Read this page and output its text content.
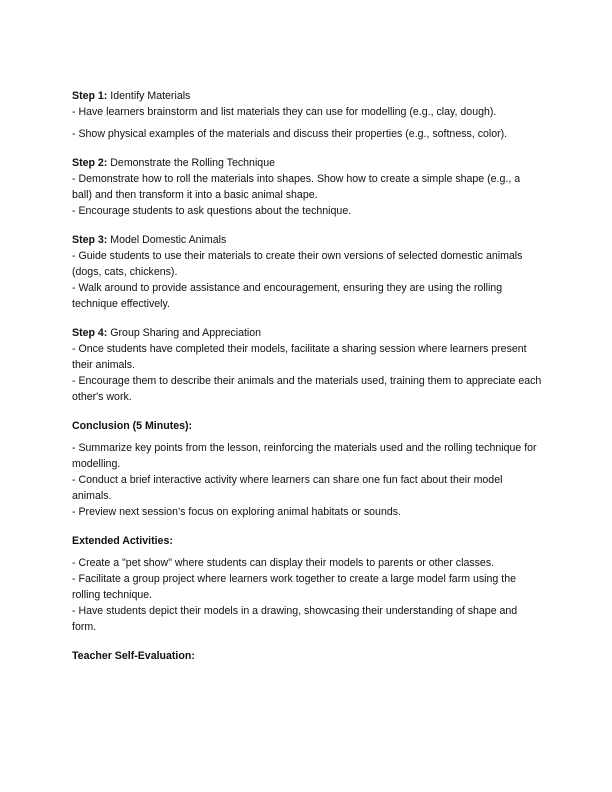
Step 1: Identify Materials
- Have learners brainstorm and list materials they can use for modelling (e.g., clay, dough).
- Show physical examples of the materials and discuss their properties (e.g., softness, color).
Step 2: Demonstrate the Rolling Technique
- Demonstrate how to roll the materials into shapes. Show how to create a simple shape (e.g., a ball) and then transform it into a basic animal shape.
- Encourage students to ask questions about the technique.
Step 3: Model Domestic Animals
- Guide students to use their materials to create their own versions of selected domestic animals (dogs, cats, chickens).
- Walk around to provide assistance and encouragement, ensuring they are using the rolling technique effectively.
Step 4: Group Sharing and Appreciation
- Once students have completed their models, facilitate a sharing session where learners present their animals.
- Encourage them to describe their animals and the materials used, training them to appreciate each other's work.
Conclusion (5 Minutes):
- Summarize key points from the lesson, reinforcing the materials used and the rolling technique for modelling.
- Conduct a brief interactive activity where learners can share one fun fact about their model animals.
- Preview next session’s focus on exploring animal habitats or sounds.
Extended Activities:
- Create a "pet show" where students can display their models to parents or other classes.
- Facilitate a group project where learners work together to create a large model farm using the rolling technique.
- Have students depict their models in a drawing, showcasing their understanding of shape and form.
Teacher Self-Evaluation:
